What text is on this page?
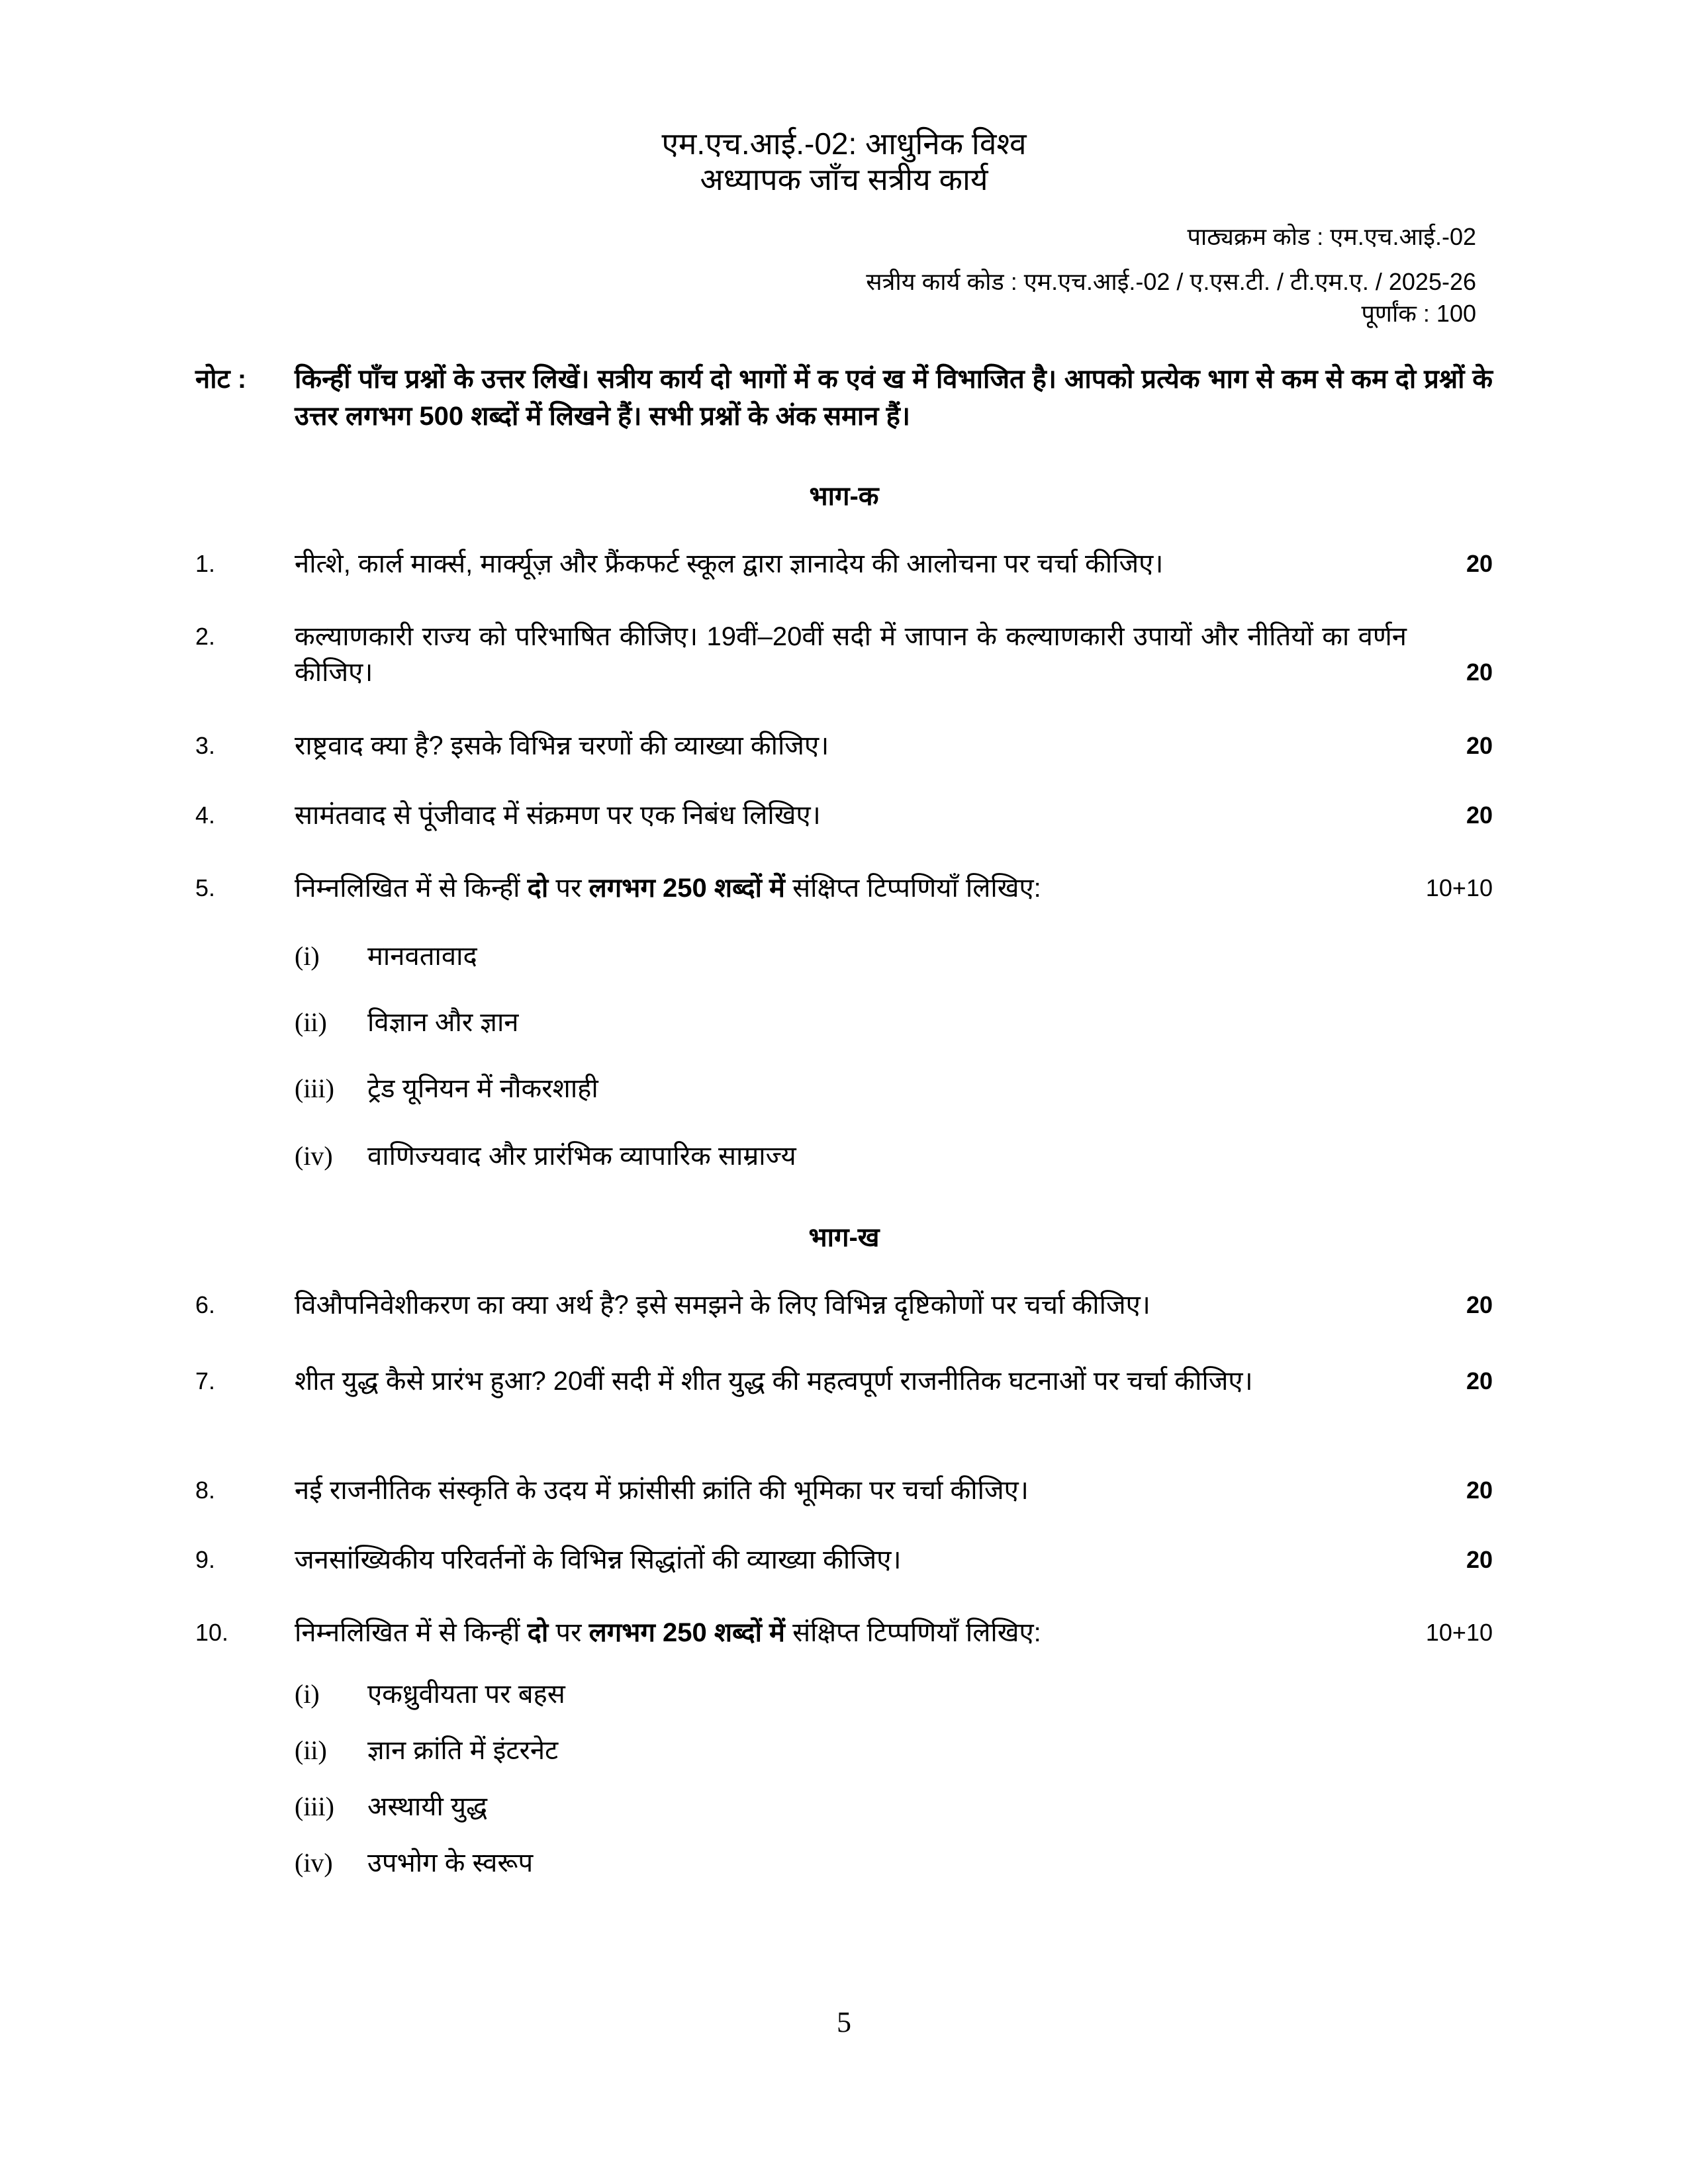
एम.एच.आई.-02: आधुनिक विश्व
अध्यापक जाँच सत्रीय कार्य
पाठ्यक्रम कोड : एम.एच.आई.-02
सत्रीय कार्य कोड : एम.एच.आई.-02 / ए.एस.टी. / टी.एम.ए. / 2025-26
पूर्णांक : 100
नोट :	किन्हीं पाँच प्रश्नों के उत्तर लिखें। सत्रीय कार्य दो भागों में क एवं ख में विभाजित है। आपको प्रत्येक भाग से कम से कम दो प्रश्नों के उत्तर लगभग 500 शब्दों में लिखने हैं। सभी प्रश्नों के अंक समान हैं।
भाग-क
1.	नीत्शे, कार्ल मार्क्स, मार्क्यूज़ और फ्रैंकफर्ट स्कूल द्वारा ज्ञानादेय की आलोचना पर चर्चा कीजिए।	20
2.	कल्याणकारी राज्य को परिभाषित कीजिए। 19वीं–20वीं सदी में जापान के कल्याणकारी उपायों और नीतियों का वर्णन कीजिए।	20
3.	राष्ट्रवाद क्या है? इसके विभिन्न चरणों की व्याख्या कीजिए।	20
4.	सामंतवाद से पूंजीवाद में संक्रमण पर एक निबंध लिखिए।	20
5.	निम्नलिखित में से किन्हीं दो पर लगभग 250 शब्दों में संक्षिप्त टिप्पणियाँ लिखिए:	10+10
(i) मानवतावाद
(ii) विज्ञान और ज्ञान
(iii) ट्रेड यूनियन में नौकरशाही
(iv) वाणिज्यवाद और प्रारंभिक व्यापारिक साम्राज्य
भाग-ख
6.	विऔपनिवेशीकरण का क्या अर्थ है? इसे समझने के लिए विभिन्न दृष्टिकोणों पर चर्चा कीजिए।	20
7.	शीत युद्ध कैसे प्रारंभ हुआ? 20वीं सदी में शीत युद्ध की महत्वपूर्ण राजनीतिक घटनाओं पर चर्चा कीजिए।	20
8.	नई राजनीतिक संस्कृति के उदय में फ्रांसीसी क्रांति की भूमिका पर चर्चा कीजिए।	20
9.	जनसांख्यिकीय परिवर्तनों के विभिन्न सिद्धांतों की व्याख्या कीजिए।	20
10. निम्नलिखित में से किन्हीं दो पर लगभग 250 शब्दों में संक्षिप्त टिप्पणियाँ लिखिए:	10+10
(i) एकध्रुवीयता पर बहस
(ii) ज्ञान क्रांति में इंटरनेट
(iii) अस्थायी युद्ध
(iv) उपभोग के स्वरूप
5
